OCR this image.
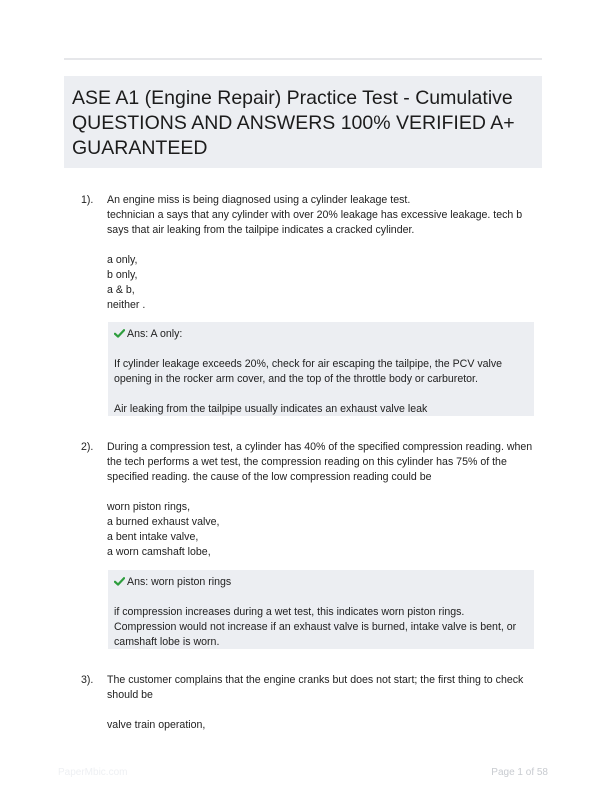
ASE A1 (Engine Repair) Practice Test - Cumulative QUESTIONS AND ANSWERS 100% VERIFIED A+ GUARANTEED
1).	An engine miss is being diagnosed using a cylinder leakage test.
technician a says that any cylinder with over 20% leakage has excessive leakage. tech b
says that air leaking from the tailpipe indicates a cracked cylinder.
a only,
b only,
a & b,
neither .
Ans: A only:
If cylinder leakage exceeds 20%, check for air escaping the tailpipe, the PCV valve
opening in the rocker arm cover, and the top of the throttle body or carburetor.
Air leaking from the tailpipe usually indicates an exhaust valve leak
2).	During a compression test, a cylinder has 40% of the specified compression reading. when
the tech performs a wet test, the compression reading on this cylinder has 75% of the
specified reading. the cause of the low compression reading could be
worn piston rings,
a burned exhaust valve,
a bent intake valve,
a worn camshaft lobe,
Ans: worn piston rings
if compression increases during a wet test, this indicates worn piston rings.
Compression would not increase if an exhaust valve is burned, intake valve is bent, or
camshaft lobe is worn.
3).	The customer complains that the engine cranks but does not start; the first thing to check
should be
valve train operation,
PaperMbic.com	Page 1 of 58
